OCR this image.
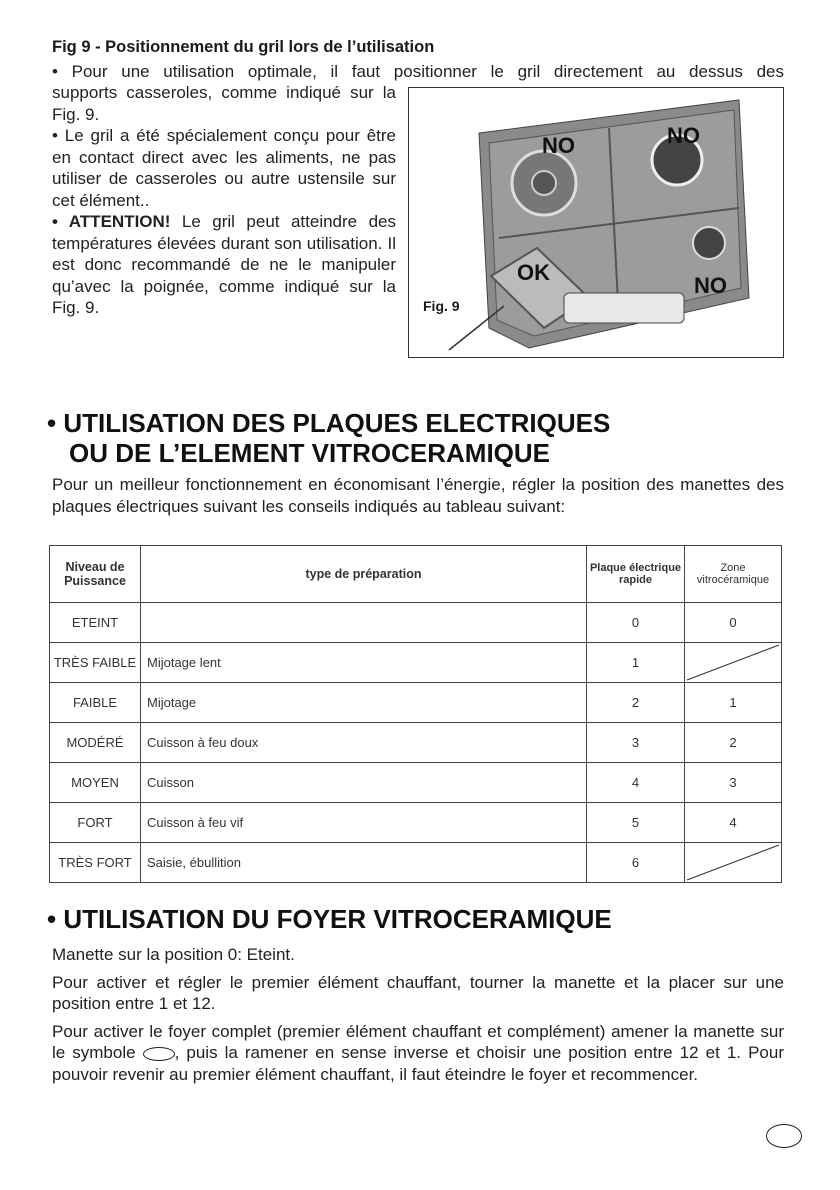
Fig 9 - Positionnement du gril lors de l’utilisation
• Pour une utilisation optimale, il faut positionner le gril directement au dessus des
supports casseroles, comme indiqué sur la Fig. 9.
• Le gril a été spécialement conçu pour être en contact direct avec les aliments, ne pas utiliser de casseroles ou autre ustensile sur cet élément..
• ATTENTION! Le gril peut atteindre des températures élevées durant son utilisation. Il est donc recommandé de ne le manipuler qu’avec la poignée, comme indiqué sur la Fig. 9.
NO	NO
OK
NO
Fig. 9
• UTILISATION DES PLAQUES ELECTRIQUES
OU DE L’ELEMENT VITROCERAMIQUE
Pour un meilleur fonctionnement en économisant l’énergie, régler la position des manettes des plaques électriques suivant les conseils indiqués au tableau suivant:
Niveau de Puissance	type de préparation	Plaque électrique rapide	Zone vitrocéramique
ETEINT		0	0
TRÈS FAIBLE	Mijotage lent	1	

FAIBLE	Mijotage	2	1
MODÉRÉ	Cuisson à feu doux	3	2
MOYEN	Cuisson	4	3
FORT	Cuisson à feu vif	5	4
TRÈS FORT	Saisie, ébullition	6	
• UTILISATION DU FOYER VITROCERAMIQUE
Manette sur la position 0: Eteint.
Pour activer et régler le premier élément chauffant, tourner la manette et la placer sur une position entre 1 et 12.
Pour activer le foyer complet (premier élément chauffant et complément) amener la manette sur le symbole , puis la ramener en sense inverse et choisir une position entre 12 et 1. Pour pouvoir revenir au premier élément chauffant, il faut éteindre le foyer et recommencer.
